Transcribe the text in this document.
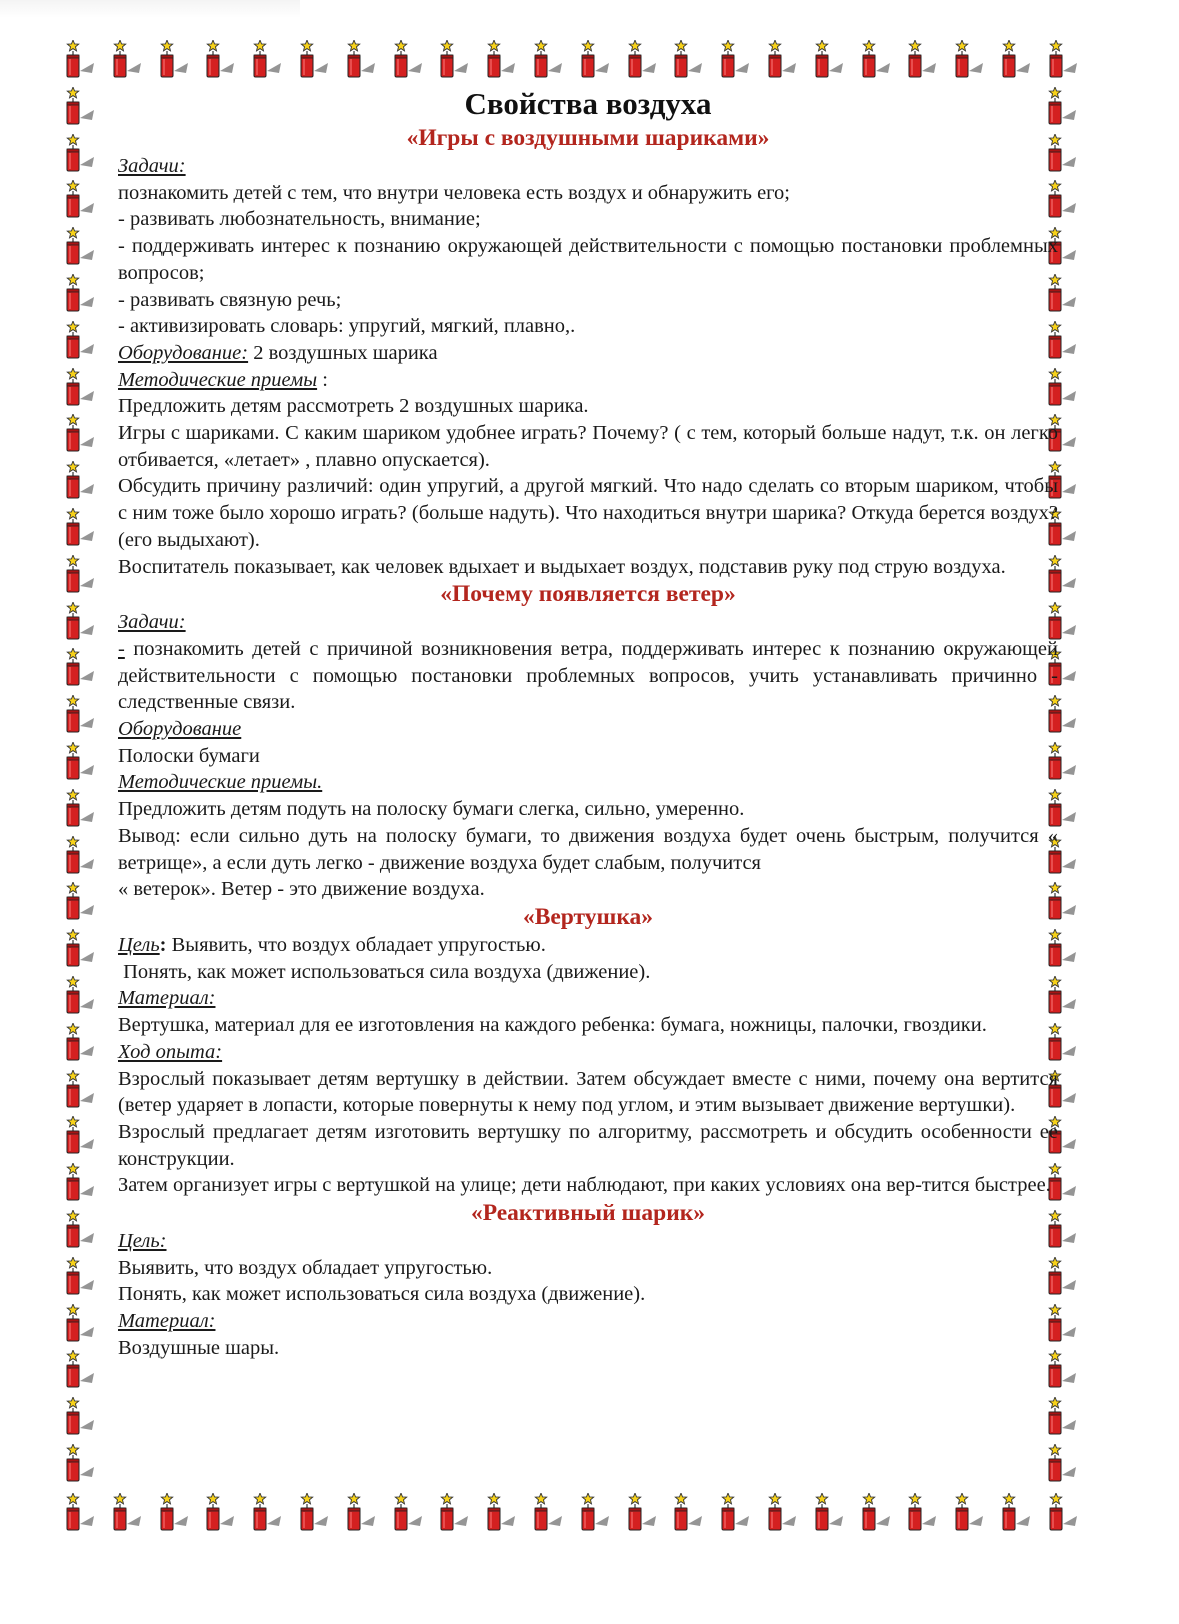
Свойства воздуха

«Игры с воздушными шариками»

Задачи:

познакомить детей с тем, что внутри человека есть воздух и обнаружить его;

- развивать любознательность, внимание;

- поддерживать интерес к познанию окружающей действительности с помощью постановки проблемных вопросов;

- развивать связную речь;

- активизировать словарь: упругий, мягкий, плавно,.

Оборудование: 2 воздушных шарика

Методические приемы :

Предложить детям рассмотреть 2 воздушных шарика.

Игры с шариками. С каким шариком удобнее играть? Почему? ( с тем, который больше надут, т.к. он легко отбивается, «летает» , плавно опускается).

Обсудить причину различий: один упругий, а другой мягкий. Что надо сделать со вторым шариком, чтобы с ним тоже было хорошо играть? (больше надуть). Что находиться внутри шарика? Откуда берется воздух? (его выдыхают).

Воспитатель показывает, как человек вдыхает и выдыхает воздух, подставив руку под струю воздуха.

«Почему появляется ветер»

Задачи:

- познакомить детей с причиной возникновения ветра, поддерживать интерес к познанию окружающей действительности с помощью постановки проблемных вопросов, учить устанавливать причинно - следственные связи.

Оборудование

Полоски бумаги

Методические приемы.

Предложить детям подуть на полоску бумаги слегка, сильно, умеренно.

Вывод: если сильно дуть на полоску бумаги, то движения воздуха будет очень быстрым, получится « ветрище», а если дуть легко - движение воздуха будет слабым, получится

« ветерок». Ветер - это движение воздуха.

«Вертушка»

Цель: Выявить, что воздух обладает упругостью.

Понять, как может использоваться сила воздуха (движение).

Материал:

Вертушка, материал для ее изготовления на каждого ребенка: бумага, ножницы, палочки, гвоздики.

Ход опыта:

Взрослый показывает детям вертушку в действии. Затем обсуждает вместе с ними, почему она вертится (ветер ударяет в лопасти, которые повернуты к нему под углом, и этим вызывает движение вертушки).

Взрослый предлагает детям изготовить вертушку по алгоритму, рассмотреть и обсудить особенности ее конструкции.

Затем организует игры с вертушкой на улице; дети наблюдают, при каких условиях она вер-тится быстрее.

«Реактивный шарик»

Цель:

Выявить, что воздух обладает упругостью.

Понять, как может использоваться сила воздуха (движение).

Материал:

Воздушные шары.
